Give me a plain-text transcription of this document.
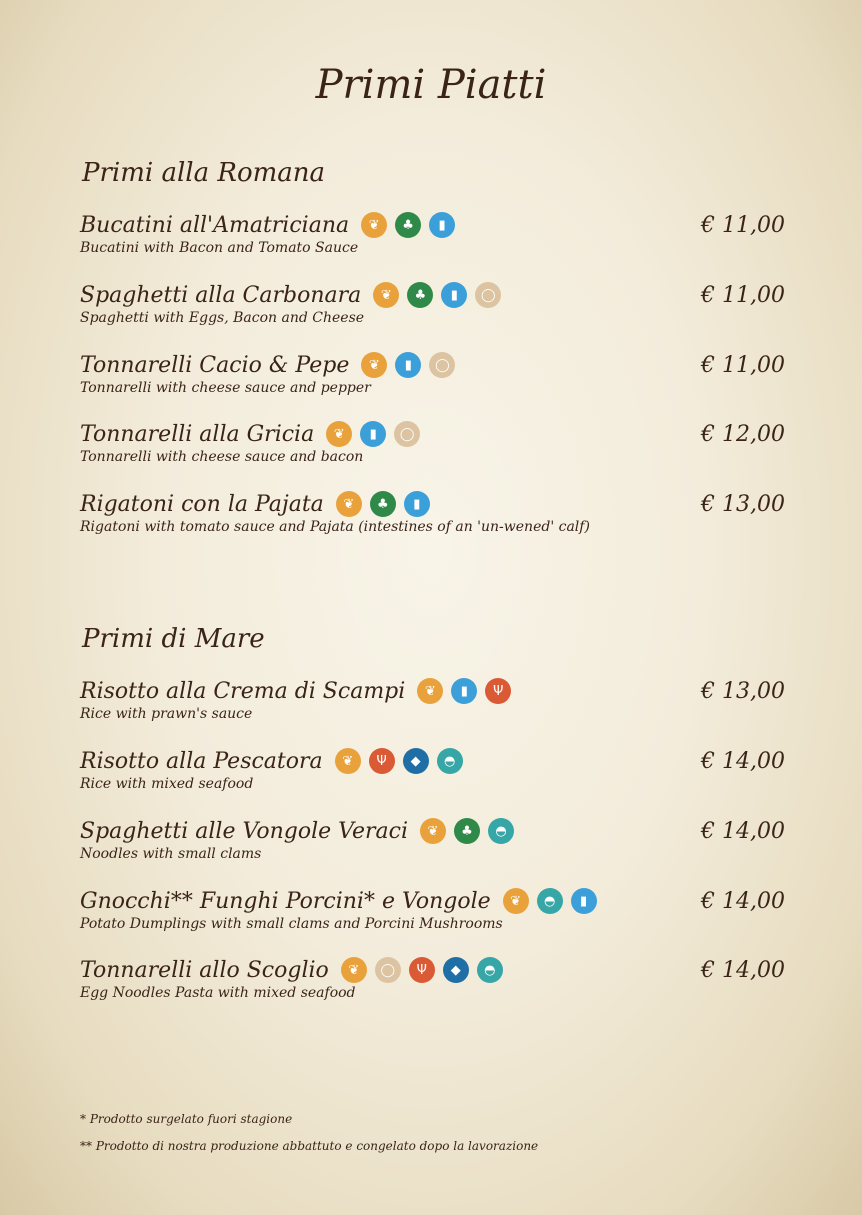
Primi Piatti
Primi alla Romana
Bucatini all'Amatriciana	❦	♣	▮	€ 11,00
Bucatini with Bacon and Tomato Sauce
Spaghetti alla Carbonara	❦	♣	▮	◯	€ 11,00
Spaghetti with Eggs, Bacon and Cheese
Tonnarelli Cacio & Pepe	❦	▮	◯	€ 11,00
Tonnarelli with cheese sauce and pepper
Tonnarelli alla Gricia	❦	▮	◯	€ 12,00
Tonnarelli with cheese sauce and bacon
Rigatoni con la Pajata	❦	♣	▮	€ 13,00
Rigatoni with tomato sauce and Pajata (intestines of an 'un-wened' calf)
Primi di Mare
Risotto alla Crema di Scampi	❦	▮	Ψ	€ 13,00
Rice with prawn's sauce
Risotto alla Pescatora	❦	Ψ	◆	◓	€ 14,00
Rice with mixed seafood
Spaghetti alle Vongole Veraci	❦	♣	◓	€ 14,00
Noodles with small clams
Gnocchi** Funghi Porcini* e Vongole	❦	◓	▮	€ 14,00
Potato Dumplings with small clams and Porcini Mushrooms
Tonnarelli allo Scoglio	❦	◯	Ψ	◆	◓	€ 14,00
Egg Noodles Pasta with mixed seafood
* Prodotto surgelato fuori stagione
** Prodotto di nostra produzione abbattuto e congelato dopo la lavorazione
